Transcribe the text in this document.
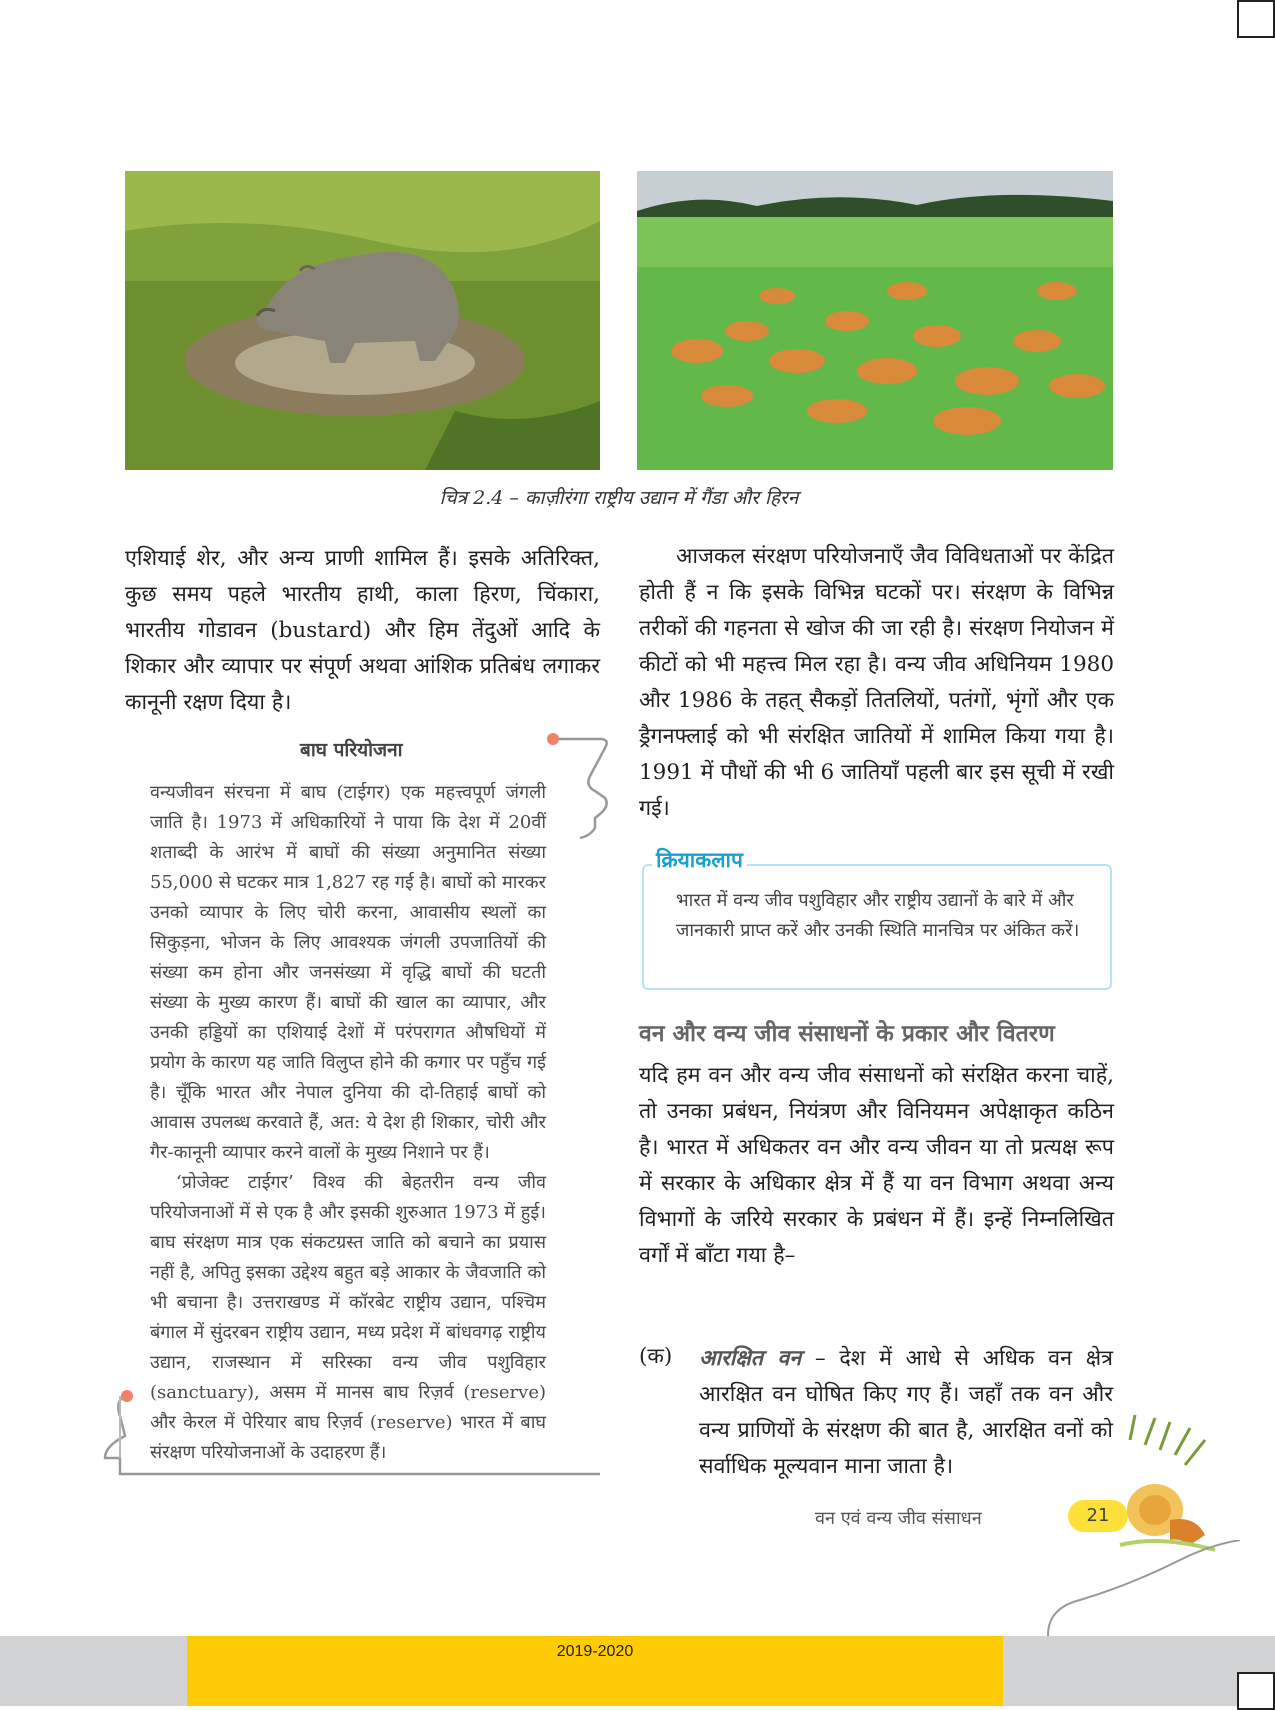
चित्र 2.4 – काज़ीरंगा राष्ट्रीय उद्यान में गैंडा और हिरन
एशियाई शेर, और अन्य प्राणी शामिल हैं। इसके अतिरिक्त, कुछ समय पहले भारतीय हाथी, काला हिरण, चिंकारा, भारतीय गोडावन (bustard) और हिम तेंदुओं आदि के शिकार और व्यापार पर संपूर्ण अथवा आंशिक प्रतिबंध लगाकर कानूनी रक्षण दिया है।
बाघ परियोजना

वन्यजीवन संरचना में बाघ (टाईगर) एक महत्त्वपूर्ण जंगली जाति है। 1973 में अधिकारियों ने पाया कि देश में 20वीं शताब्दी के आरंभ में बाघों की संख्या अनुमानित संख्या 55,000 से घटकर मात्र 1,827 रह गई है। बाघों को मारकर उनको व्यापार के लिए चोरी करना, आवासीय स्थलों का सिकुड़ना, भोजन के लिए आवश्यक जंगली उपजातियों की संख्या कम होना और जनसंख्या में वृद्धि बाघों की घटती संख्या के मुख्य कारण हैं। बाघों की खाल का व्यापार, और उनकी हड्डियों का एशियाई देशों में परंपरागत औषधियों में प्रयोग के कारण यह जाति विलुप्त होने की कगार पर पहुँच गई है। चूँकि भारत और नेपाल दुनिया की दो-तिहाई बाघों को आवास उपलब्ध करवाते हैं, अत: ये देश ही शिकार, चोरी और गैर-कानूनी व्यापार करने वालों के मुख्य निशाने पर हैं।

‘प्रोजेक्ट टाईगर’ विश्व की बेहतरीन वन्य जीव परियोजनाओं में से एक है और इसकी शुरुआत 1973 में हुई। बाघ संरक्षण मात्र एक संकटग्रस्त जाति को बचाने का प्रयास नहीं है, अपितु इसका उद्देश्य बहुत बड़े आकार के जैवजाति को भी बचाना है। उत्तराखण्ड में कॉरबेट राष्ट्रीय उद्यान, पश्चिम बंगाल में सुंदरबन राष्ट्रीय उद्यान, मध्य प्रदेश में बांधवगढ़ राष्ट्रीय उद्यान, राजस्थान में सरिस्का वन्य जीव पशुविहार (sanctuary), असम में मानस बाघ रिज़र्व (reserve) और केरल में पेरियार बाघ रिज़र्व (reserve) भारत में बाघ संरक्षण परियोजनाओं के उदाहरण हैं।

आजकल संरक्षण परियोजनाएँ जैव विविधताओं पर केंद्रित होती हैं न कि इसके विभिन्न घटकों पर। संरक्षण के विभिन्न तरीकों की गहनता से खोज की जा रही है। संरक्षण नियोजन में कीटों को भी महत्त्व मिल रहा है। वन्य जीव अधिनियम 1980 और 1986 के तहत् सैकड़ों तितलियों, पतंगों, भृंगों और एक ड्रैगनफ्लाई को भी संरक्षित जातियों में शामिल किया गया है। 1991 में पौधों की भी 6 जातियाँ पहली बार इस सूची में रखी गई।
क्रियाकलाप
भारत में वन्य जीव पशुविहार और राष्ट्रीय उद्यानों के बारे में और जानकारी प्राप्त करें और उनकी स्थिति मानचित्र पर अंकित करें।
वन और वन्य जीव संसाधनों के प्रकार और वितरण
यदि हम वन और वन्य जीव संसाधनों को संरक्षित करना चाहें, तो उनका प्रबंधन, नियंत्रण और विनियमन अपेक्षाकृत कठिन है। भारत में अधिकतर वन और वन्य जीवन या तो प्रत्यक्ष रूप में सरकार के अधिकार क्षेत्र में हैं या वन विभाग अथवा अन्य विभागों के जरिये सरकार के प्रबंधन में हैं। इन्हें निम्नलिखित वर्गों में बाँटा गया है–
(क) आरक्षित वन – देश में आधे से अधिक वन क्षेत्र आरक्षित वन घोषित किए गए हैं। जहाँ तक वन और वन्य प्राणियों के संरक्षण की बात है, आरक्षित वनों को सर्वाधिक मूल्यवान माना जाता है।
वन एवं वन्य जीव संसाधन	21
2019-2020
